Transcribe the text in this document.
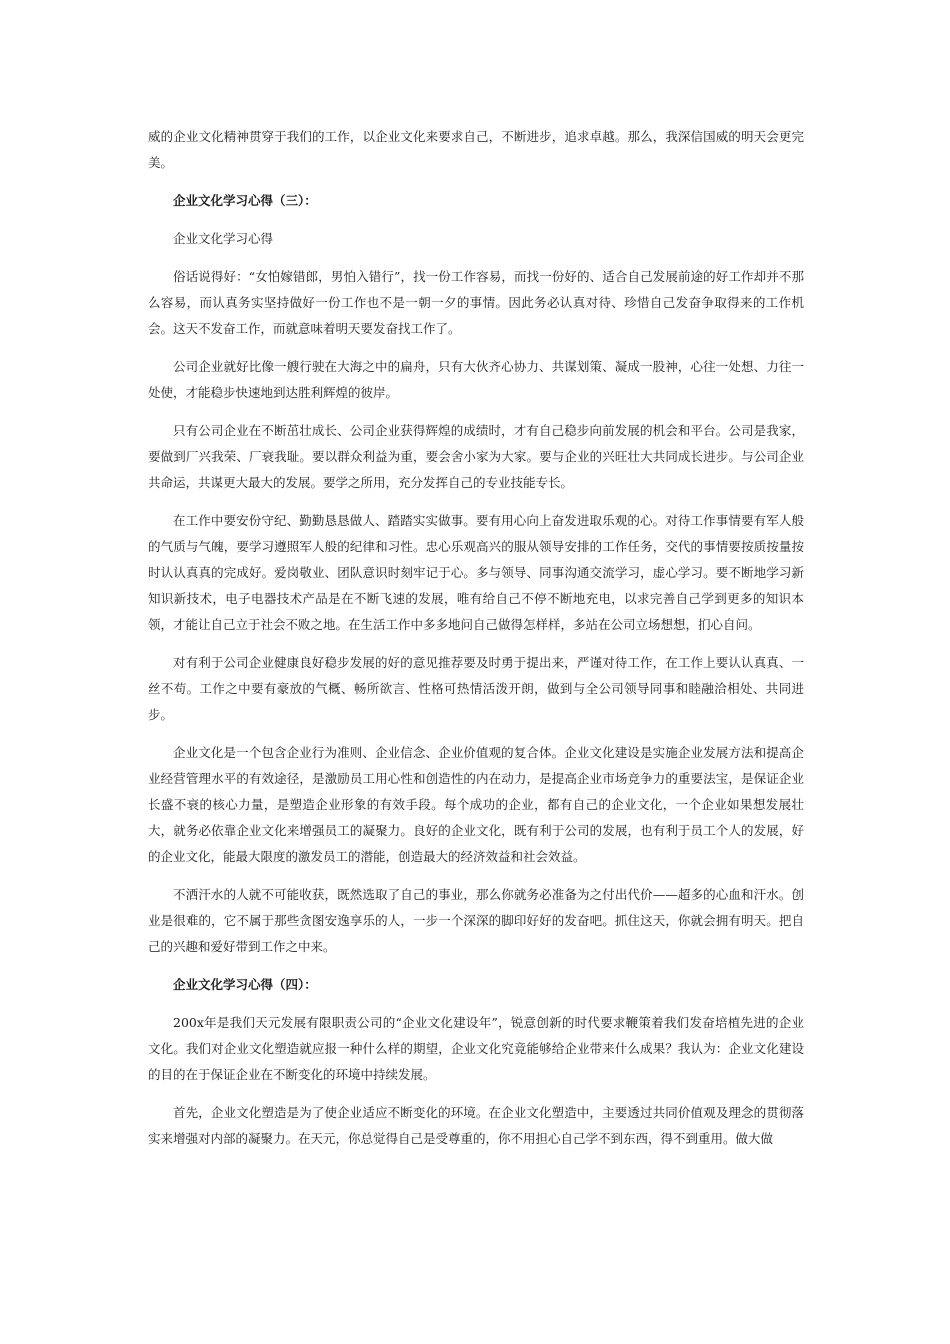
威的企业文化精神贯穿于我们的工作，以企业文化来要求自己，不断进步，追求卓越。那么，我深信国威的明天会更完美。

企业文化学习心得（三）：

企业文化学习心得

俗话说得好：“女怕嫁错郎，男怕入错行”，找一份工作容易，而找一份好的、适合自己发展前途的好工作却并不那么容易，而认真务实坚持做好一份工作也不是一朝一夕的事情。因此务必认真对待、珍惜自己发奋争取得来的工作机会。这天不发奋工作，而就意味着明天要发奋找工作了。

公司企业就好比像一艘行驶在大海之中的扁舟，只有大伙齐心协力、共谋划策、凝成一股神，心往一处想、力往一处使，才能稳步快速地到达胜利辉煌的彼岸。

只有公司企业在不断茁壮成长、公司企业获得辉煌的成绩时，才有自己稳步向前发展的机会和平台。公司是我家，要做到厂兴我荣、厂衰我耻。要以群众利益为重，要会舍小家为大家。要与企业的兴旺壮大共同成长进步。与公司企业共命运，共谋更大最大的发展。要学之所用，充分发挥自己的专业技能专长。

在工作中要安份守纪、勤勤恳恳做人、踏踏实实做事。要有用心向上奋发进取乐观的心。对待工作事情要有军人般的气质与气魄，要学习遵照军人般的纪律和习性。忠心乐观高兴的服从领导安排的工作任务，交代的事情要按质按量按时认认真真的完成好。爱岗敬业、团队意识时刻牢记于心。多与领导、同事沟通交流学习，虚心学习。要不断地学习新知识新技术，电子电器技术产品是在不断飞速的发展，唯有给自己不停不断地充电，以求完善自己学到更多的知识本领，才能让自己立于社会不败之地。在生活工作中多多地问自己做得怎样样，多站在公司立场想想，扪心自问。

对有利于公司企业健康良好稳步发展的好的意见推荐要及时勇于提出来，严谨对待工作，在工作上要认认真真、一丝不苟。工作之中要有豪放的气概、畅所欲言、性格可热情活泼开朗，做到与全公司领导同事和睦融洽相处、共同进步。

企业文化是一个包含企业行为准则、企业信念、企业价值观的复合体。企业文化建设是实施企业发展方法和提高企业经营管理水平的有效途径，是激励员工用心性和创造性的内在动力，是提高企业市场竞争力的重要法宝，是保证企业长盛不衰的核心力量，是塑造企业形象的有效手段。每个成功的企业，都有自己的企业文化，一个企业如果想发展壮大，就务必依靠企业文化来增强员工的凝聚力。良好的企业文化，既有利于公司的发展，也有利于员工个人的发展，好的企业文化，能最大限度的激发员工的潜能，创造最大的经济效益和社会效益。

不洒汗水的人就不可能收获，既然选取了自己的事业，那么你就务必准备为之付出代价——超多的心血和汗水。创业是很难的，它不属于那些贪图安逸享乐的人，一步一个深深的脚印好好的发奋吧。抓住这天，你就会拥有明天。把自己的兴趣和爱好带到工作之中来。

企业文化学习心得（四）：

200x年是我们天元发展有限职责公司的“企业文化建设年”，锐意创新的时代要求鞭策着我们发奋培植先进的企业文化。我们对企业文化塑造就应报一种什么样的期望，企业文化究竟能够给企业带来什么成果？我认为：企业文化建设的目的在于保证企业在不断变化的环境中持续发展。

首先，企业文化塑造是为了使企业适应不断变化的环境。在企业文化塑造中，主要透过共同价值观及理念的贯彻落实来增强对内部的凝聚力。在天元，你总觉得自己是受尊重的，你不用担心自己学不到东西，得不到重用。做大做
